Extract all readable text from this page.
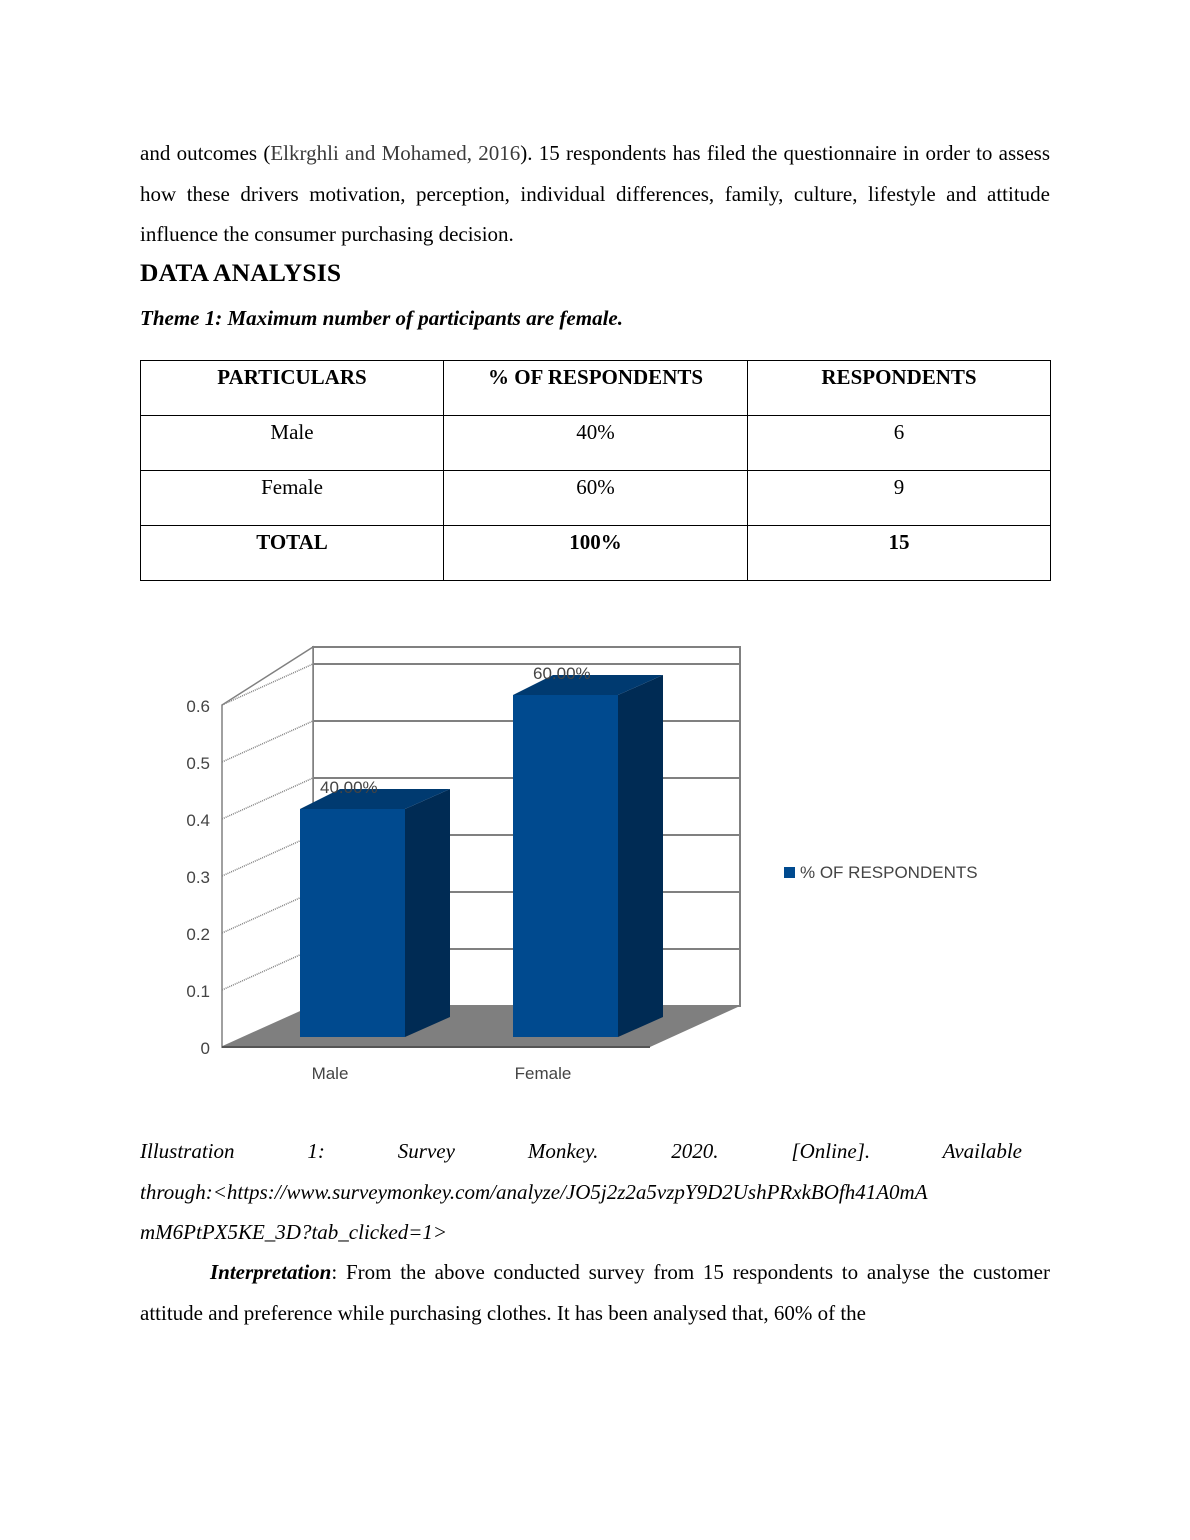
and outcomes (Elkrghli and Mohamed, 2016). 15 respondents has filed the questionnaire in order to assess how these drivers motivation, perception, individual differences, family, culture, lifestyle and attitude influence the consumer purchasing decision.

DATA ANALYSIS

Theme 1: Maximum number of participants are female.

PARTICULARS	% OF RESPONDENTS	RESPONDENTS
Male	40%	6
Female	60%	9
TOTAL	100%	15
0
0.1
0.2
0.3
0.4
0.5
0.6
40.00%
Male
60.00%
Female
% OF RESPONDENTS

Illustration 1: Survey Monkey. 2020. [Online]. Available
through:<https://www.surveymonkey.com/analyze/JO5j2z2a5vzpY9D2UshPRxkBOfh41A0mA
mM6PtPX5KE_3D?tab_clicked=1>

Interpretation: From the above conducted survey from 15 respondents to analyse the customer attitude and preference while purchasing clothes. It has been analysed that, 60% of the
